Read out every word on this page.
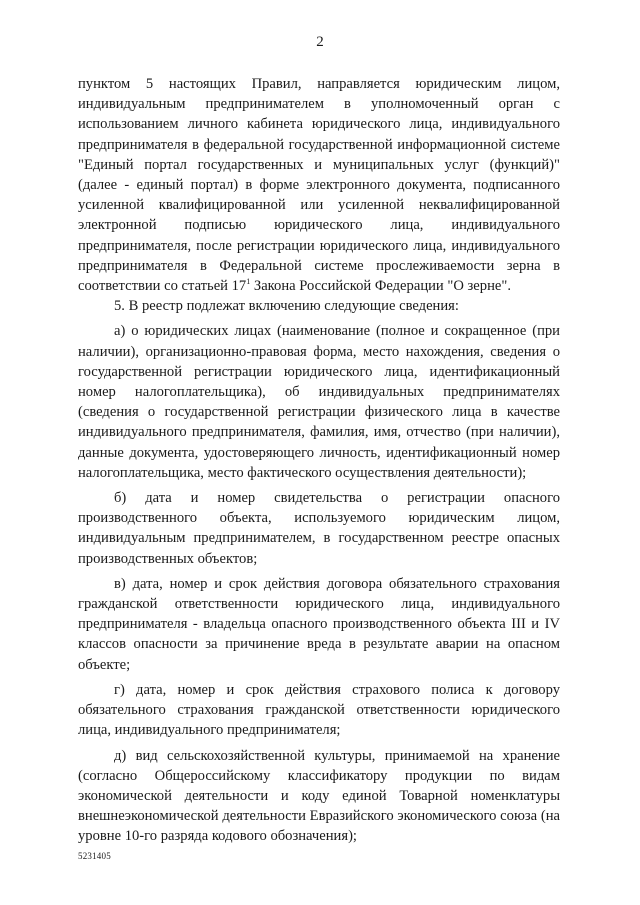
2

пунктом 5 настоящих Правил, направляется юридическим лицом, индивидуальным предпринимателем в уполномоченный орган с использованием личного кабинета юридического лица, индивидуального предпринимателя в федеральной государственной информационной системе "Единый портал государственных и муниципальных услуг (функций)" (далее - единый портал) в форме электронного документа, подписанного усиленной квалифицированной или усиленной неквалифицированной электронной подписью юридического лица, индивидуального предпринимателя, после регистрации юридического лица, индивидуального предпринимателя в Федеральной системе прослеживаемости зерна в соответствии со статьей $17^1$ Закона Российской Федерации "О зерне".

5. В реестр подлежат включению следующие сведения:

а) о юридических лицах (наименование (полное и сокращенное (при наличии), организационно-правовая форма, место нахождения, сведения о государственной регистрации юридического лица, идентификационный номер налогоплательщика), об индивидуальных предпринимателях (сведения о государственной регистрации физического лица в качестве индивидуального предпринимателя, фамилия, имя, отчество (при наличии), данные документа, удостоверяющего личность, идентификационный номер налогоплательщика, место фактического осуществления деятельности);

б) дата и номер свидетельства о регистрации опасного производственного объекта, используемого юридическим лицом, индивидуальным предпринимателем, в государственном реестре опасных производственных объектов;

в) дата, номер и срок действия договора обязательного страхования гражданской ответственности юридического лица, индивидуального предпринимателя - владельца опасного производственного объекта III и IV классов опасности за причинение вреда в результате аварии на опасном объекте;

г) дата, номер и срок действия страхового полиса к договору обязательного страхования гражданской ответственности юридического лица, индивидуального предпринимателя;

д) вид сельскохозяйственной культуры, принимаемой на хранение (согласно Общероссийскому классификатору продукции по видам экономической деятельности и коду единой Товарной номенклатуры внешнеэкономической деятельности Евразийского экономического союза (на уровне 10-го разряда кодового обозначения);

5231405
